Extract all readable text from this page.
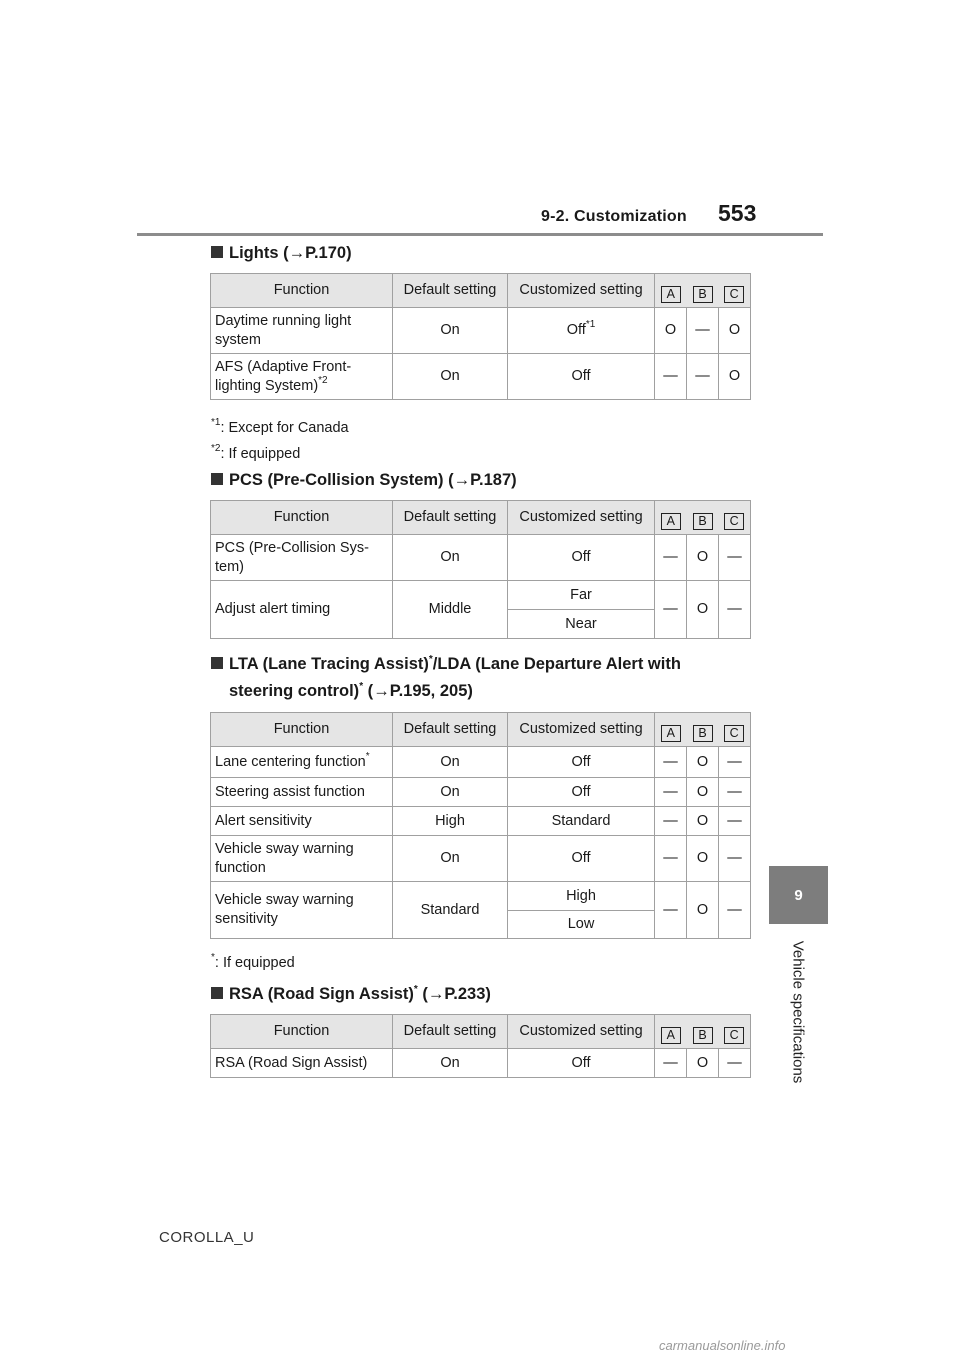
9-2. Customization 553
9
Vehicle specifications
Lights (→P.170)
Function	Default setting	Customized setting	A B C		

Daytime running light system	On	Off$^{*1}$	O	—	O
AFS (Adaptive Front-lighting System)$^{*2}$	On	Off	—	—	O
$^{*1}$: Except for Canada
$^{*2}$: If equipped
PCS (Pre-Collision System) (→P.187)
Function	Default setting	Customized setting	A B C		

PCS (Pre-Collision Sys-tem)	On	Off	—	O	—
Adjust alert timing	Middle	Far	—	O	—
		Near			
LTA (Lane Tracing Assist)*/LDA (Lane Departure Alert with
steering control)* (→P.195, 205)
Function	Default setting	Customized setting	A B C		

Lane centering function*	On	Off	—	O	—
Steering assist function	On	Off	—	O	—
Alert sensitivity	High	Standard	—	O	—
Vehicle sway warning function	On	Off	—	O	—
Vehicle sway warning sensitivity	Standard	High	—	O	—
		Low			
*: If equipped
RSA (Road Sign Assist)* (→P.233)
Function	Default setting	Customized setting	A B C		

RSA (Road Sign Assist)	On	Off	—	O	—
COROLLA_U
carmanualsonline.info
